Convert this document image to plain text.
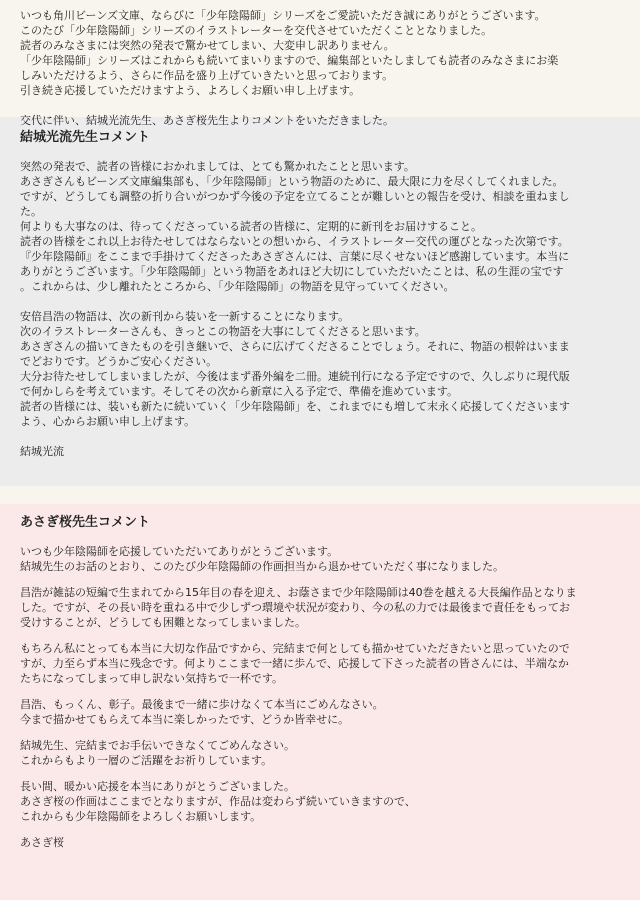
いつも角川ビーンズ文庫、ならびに「少年陰陽師」シリーズをご愛読いただき誠にありがとうございます。

このたび「少年陰陽師」シリーズのイラストレーターを交代させていただくこととなりました。

読者のみなさまには突然の発表で驚かせてしまい、大変申し訳ありません。

「少年陰陽師」シリーズはこれからも続いてまいりますので、編集部といたしましても読者のみなさまにお楽

しみいただけるよう、さらに作品を盛り上げていきたいと思っております。

引き続き応援していただけますよう、よろしくお願い申し上げます。

交代に伴い、結城光流先生、あさぎ桜先生よりコメントをいただきました。

結城光流先生コメント

突然の発表で、読者の皆様におかれましては、とても驚かれたことと思います。

あさぎさんもビーンズ文庫編集部も、「少年陰陽師」という物語のために、最大限に力を尽くしてくれました。

ですが、どうしても調整の折り合いがつかず今後の予定を立てることが難しいとの報告を受け、相談を重ねまし

た。

何よりも大事なのは、待ってくださっている読者の皆様に、定期的に新刊をお届けすること。

読者の皆様をこれ以上お待たせしてはならないとの想いから、イラストレーター交代の運びとなった次第です。

『少年陰陽師』をここまで手掛けてくださったあさぎさんには、言葉に尽くせないほど感謝しています。本当に

ありがとうございます。「少年陰陽師」という物語をあれほど大切にしていただいたことは、私の生涯の宝です

。これからは、少し離れたところから、「少年陰陽師」の物語を見守っていてください。

安倍昌浩の物語は、次の新刊から装いを一新することになります。

次のイラストレーターさんも、きっとこの物語を大事にしてくださると思います。

あさぎさんの描いてきたものを引き継いで、さらに広げてくださることでしょう。それに、物語の根幹はいまま

でどおりです。どうかご安心ください。

大分お待たせしてしまいましたが、今後はまず番外編を二冊。連続刊行になる予定ですので、久しぶりに現代版

で何かしらを考えています。そしてその次から新章に入る予定で、準備を進めています。

読者の皆様には、装いも新たに続いていく「少年陰陽師」を、これまでにも増して末永く応援してくださいます

よう、心からお願い申し上げます。

結城光流

あさぎ桜先生コメント

いつも少年陰陽師を応援していただいてありがとうございます。

結城先生のお話のとおり、このたび少年陰陽師の作画担当から退かせていただく事になりました。

昌浩が雑誌の短編で生まれてから15年目の春を迎え、お蔭さまで少年陰陽師は40巻を越える大長編作品となりま

した。ですが、その長い時を重ねる中で少しずつ環境や状況が変わり、今の私の力では最後まで責任をもってお

受けすることが、どうしても困難となってしまいました。

もちろん私にとっても本当に大切な作品ですから、完結まで何としても描かせていただきたいと思っていたので

すが、力至らず本当に残念です。何よりここまで一緒に歩んで、応援して下さった読者の皆さんには、半端なか

たちになってしまって申し訳ない気持ちで一杯です。

昌浩、もっくん、彰子。最後まで一緒に歩けなくて本当にごめんなさい。

今まで描かせてもらえて本当に楽しかったです、どうか皆幸せに。

結城先生、完結までお手伝いできなくてごめんなさい。

これからもより一層のご活躍をお祈りしています。

長い間、暖かい応援を本当にありがとうございました。

あさぎ桜の作画はここまでとなりますが、作品は変わらず続いていきますので、

これからも少年陰陽師をよろしくお願いします。

あさぎ桜
